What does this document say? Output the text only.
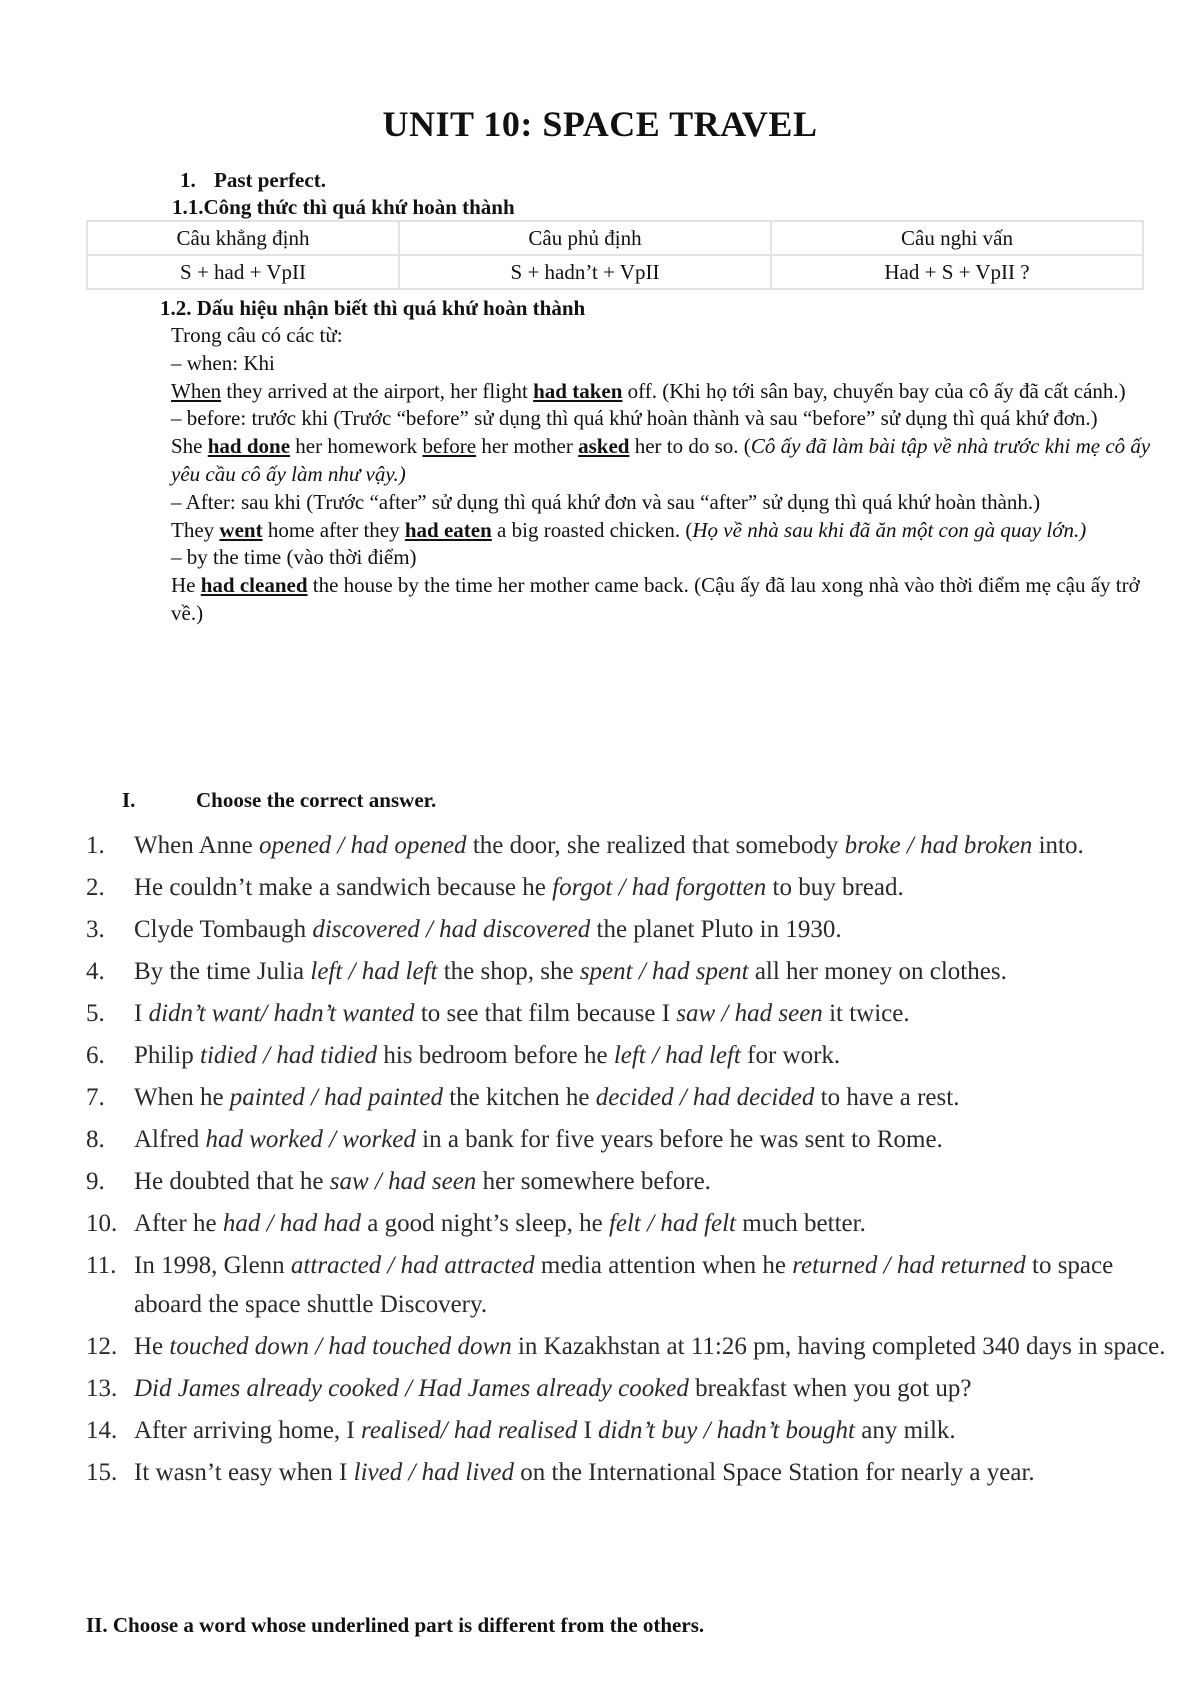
UNIT 10: SPACE TRAVEL
1. Past perfect.
1.1.Công thức thì quá khứ hoàn thành
Câu khẳng định	Câu phủ định	Câu nghi vấn
S + had + VpII	S + hadn’t + VpII	Had + S + VpII ?
1.2. Dấu hiệu nhận biết thì quá khứ hoàn thành

Trong câu có các từ:

– when: Khi

When they arrived at the airport, her flight had taken off. (Khi họ tới sân bay, chuyến bay của cô ấy đã cất cánh.)

– before: trước khi (Trước “before” sử dụng thì quá khứ hoàn thành và sau “before” sử dụng thì quá khứ đơn.)

She had done her homework before her mother asked her to do so. (Cô ấy đã làm bài tập về nhà trước khi mẹ cô ấy yêu cầu cô ấy làm như vậy.)

– After: sau khi (Trước “after” sử dụng thì quá khứ đơn và sau “after” sử dụng thì quá khứ hoàn thành.)

They went home after they had eaten a big roasted chicken. (Họ về nhà sau khi đã ăn một con gà quay lớn.)

– by the time (vào thời điểm)

He had cleaned the house by the time her mother came back. (Cậu ấy đã lau xong nhà vào thời điểm mẹ cậu ấy trở về.)

I.	Choose the correct answer.
1. When Anne opened / had opened the door, she realized that somebody broke / had broken into.
2. He couldn’t make a sandwich because he forgot / had forgotten to buy bread.
3. Clyde Tombaugh discovered / had discovered the planet Pluto in 1930.
4. By the time Julia left / had left the shop, she spent / had spent all her money on clothes.
5. I didn’t want/ hadn’t wanted to see that film because I saw / had seen it twice.
6. Philip tidied / had tidied his bedroom before he left / had left for work.
7. When he painted / had painted the kitchen he decided / had decided to have a rest.
8. Alfred had worked / worked in a bank for five years before he was sent to Rome.
9. He doubted that he saw / had seen her somewhere before.
10. After he had / had had a good night’s sleep, he felt / had felt much better.
11. In 1998, Glenn attracted / had attracted media attention when he returned / had returned to space aboard the space shuttle Discovery.
12. He touched down / had touched down in Kazakhstan at 11:26 pm, having completed 340 days in space.
13. Did James already cooked / Had James already cooked breakfast when you got up?
14. After arriving home, I realised/ had realised I didn’t buy / hadn’t bought any milk.
15. It wasn’t easy when I lived / had lived on the International Space Station for nearly a year.
II. Choose a word whose underlined part is different from the others.
